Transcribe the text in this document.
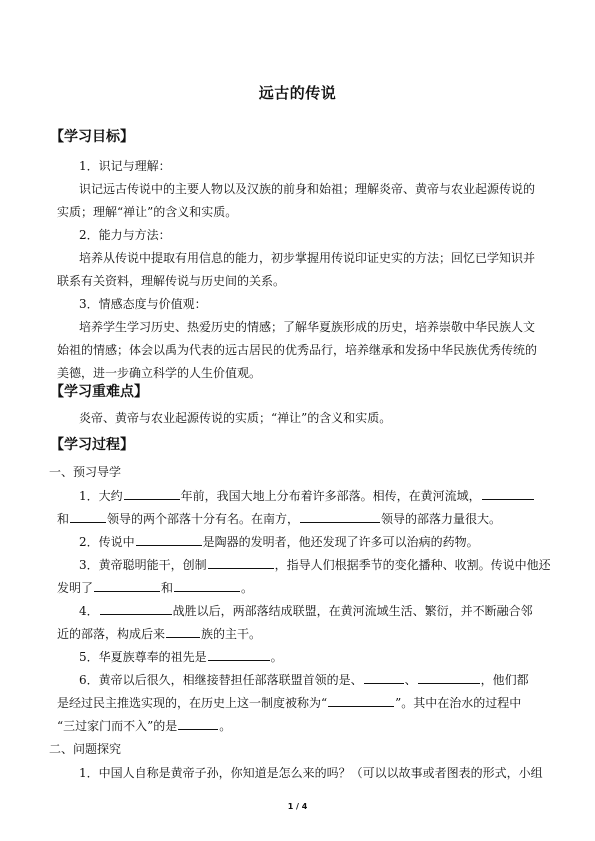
远古的传说
【学习目标】
1．识记与理解：
识记远古传说中的主要人物以及汉族的前身和始祖；理解炎帝、黄帝与农业起源传说的
实质；理解“禅让”的含义和实质。
2．能力与方法：
培养从传说中提取有用信息的能力，初步掌握用传说印证史实的方法；回忆已学知识并
联系有关资料，理解传说与历史间的关系。
3．情感态度与价值观：
培养学生学习历史、热爱历史的情感；了解华夏族形成的历史，培养崇敬中华民族人文
始祖的情感；体会以禹为代表的远古居民的优秀品行，培养继承和发扬中华民族优秀传统的
美德，进一步确立科学的人生价值观。
【学习重难点】
炎帝、黄帝与农业起源传说的实质；“禅让”的含义和实质。
【学习过程】
一、预习导学
1．大约	年前，我国大地上分布着许多部落。相传，在黄河流域，
和	领导的两个部落十分有名。在南方，	领导的部落力量很大。
2．传说中	是陶器的发明者，他还发现了许多可以治病的药物。
3．黄帝聪明能干，创制	，指导人们根据季节的变化播种、收割。传说中他还
发明了	和	。
4．	战胜以后，两部落结成联盟，在黄河流域生活、繁衍，并不断融合邻
近的部落，构成后来	族的主干。
5．华夏族尊奉的祖先是	。
6．黄帝以后很久，相继接替担任部落联盟首领的是、	、	，他们都
是经过民主推选实现的，在历史上这一制度被称为“	”。其中在治水的过程中
“三过家门而不入”的是	。
二、问题探究
1．中国人自称是黄帝子孙，你知道是怎么来的吗？（可以以故事或者图表的形式，小组
1 / 4
